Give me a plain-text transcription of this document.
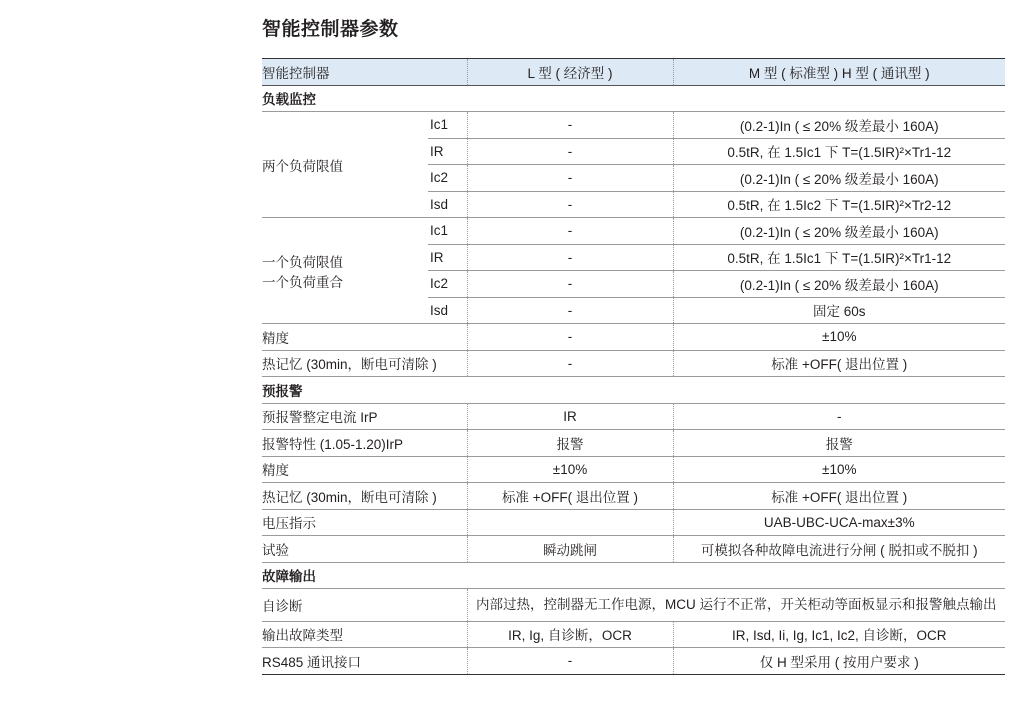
智能控制器参数
智能控制器		L 型 ( 经济型 )	M 型 ( 标准型 ) H 型 ( 通讯型 )
负载监控			
两个负荷限值	Ic1	-	(0.2-1)In ( ≤ 20% 级差最小 160A)
	IR	-	0.5tR, 在 1.5Ic1 下 T=(1.5IR)²×Tr1-12
	Ic2	-	(0.2-1)In ( ≤ 20% 级差最小 160A)
	Isd	-	0.5tR, 在 1.5Ic2 下 T=(1.5IR)²×Tr2-12

一个负荷限值
一个负荷重合	Ic1	-	(0.2-1)In ( ≤ 20% 级差最小 160A)
	IR	-	0.5tR, 在 1.5Ic1 下 T=(1.5IR)²×Tr1-12
	Ic2	-	(0.2-1)In ( ≤ 20% 级差最小 160A)
	Isd	-	固定 60s
精度		-	±10%
热记忆 (30min，断电可清除 )		-	标准 +OFF( 退出位置 )
预报警			
预报警整定电流 IrP		IR	-
报警特性 (1.05-1.20)IrP		报警	报警
精度		±10%	±10%
热记忆 (30min，断电可清除 )		标准 +OFF( 退出位置 )	标准 +OFF( 退出位置 )
电压指示			UAB-UBC-UCA-max±3%
试验		瞬动跳闸	可模拟各种故障电流进行分闸 ( 脱扣或不脱扣 )
故障输出			
自诊断		内部过热，控制器无工作电源，MCU 运行不正常，开关柜动等面板显示和报警触点输出	
输出故障类型		IR, Ig, 自诊断，OCR	IR, Isd, Ii, Ig, Ic1, Ic2, 自诊断，OCR
RS485 通讯接口		-	仅 H 型采用 ( 按用户要求 )
